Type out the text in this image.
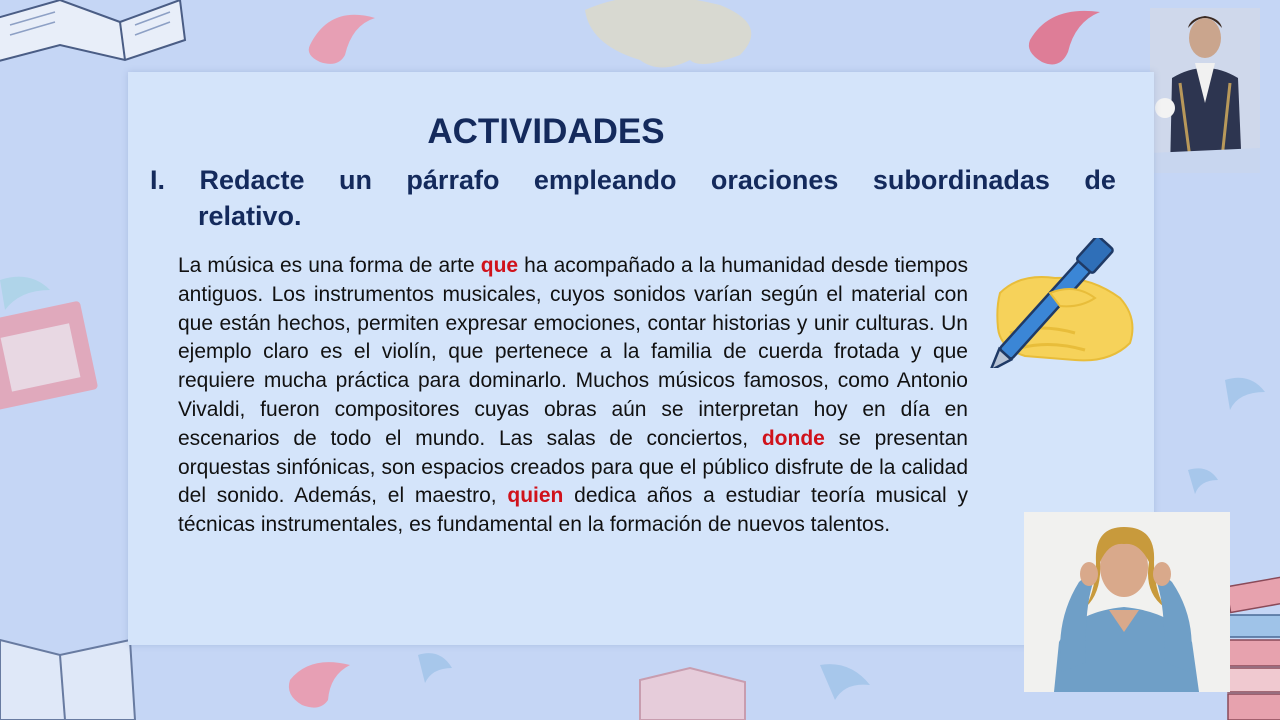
ACTIVIDADES
I. Redacte un párrafo empleando oraciones subordinadas de
relativo.

La música es una forma de arte que ha acompañado a la humanidad desde tiempos antiguos. Los instrumentos musicales, cuyos sonidos varían según el material con que están hechos, permiten expresar emociones, contar historias y unir culturas. Un ejemplo claro es el violín, que pertenece a la familia de cuerda frotada y que requiere mucha práctica para dominarlo. Muchos músicos famosos, como Antonio Vivaldi, fueron compositores cuyas obras aún se interpretan hoy en día en escenarios de todo el mundo. Las salas de conciertos, donde se presentan orquestas sinfónicas, son espacios creados para que el público disfrute de la calidad del sonido. Además, el maestro, quien dedica años a estudiar teoría musical y técnicas instrumentales, es fundamental en la formación de nuevos talentos.
